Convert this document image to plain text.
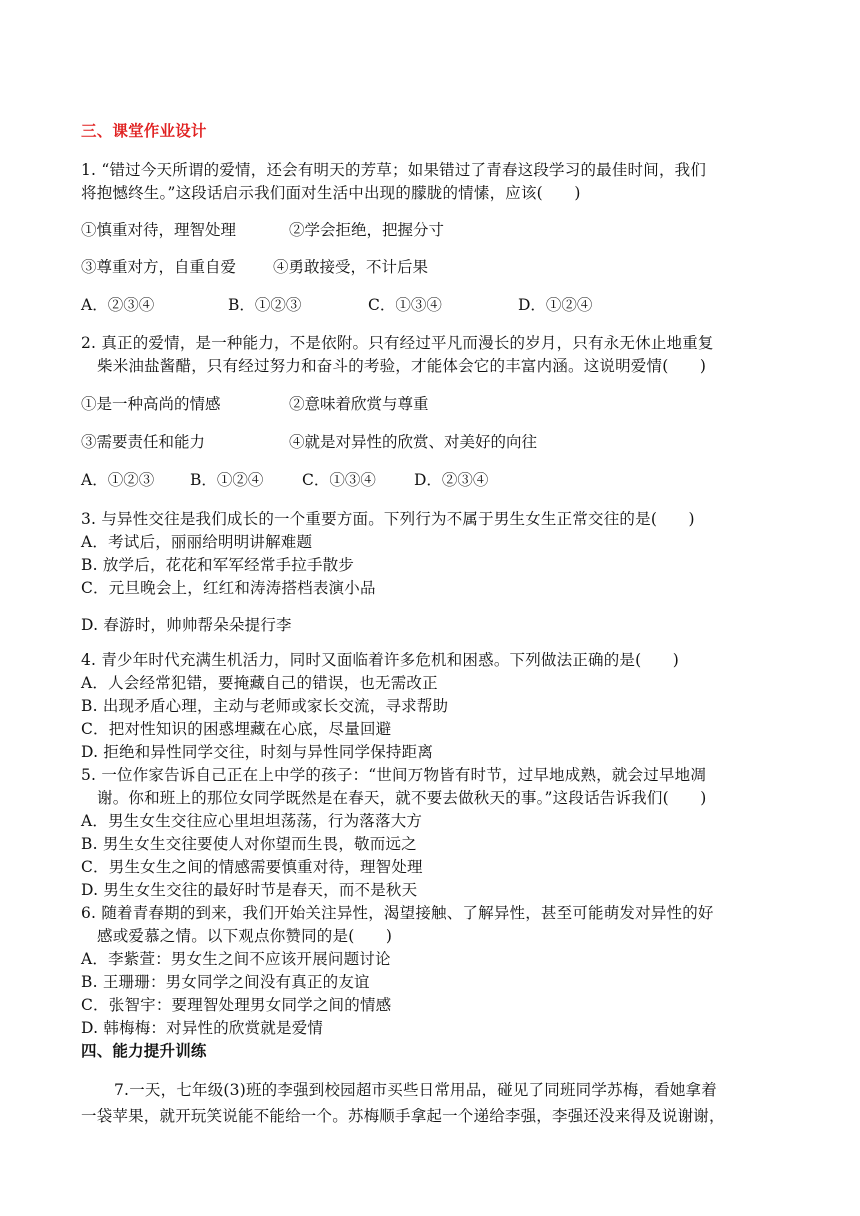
三、课堂作业设计
1. “错过今天所谓的爱情，还会有明天的芳草；如果错过了青春这段学习的最佳时间，我们
将抱憾终生。”这段话启示我们面对生活中出现的朦胧的情愫，应该(　　)
①慎重对待，理智处理	②学会拒绝，把握分寸
③尊重对方，自重自爱 ④勇敢接受，不计后果
A．②③④	B．①②③	C．①③④	D．①②④
2. 真正的爱情，是一种能力，不是依附。只有经过平凡而漫长的岁月，只有永无休止地重复
柴米油盐酱醋，只有经过努力和奋斗的考验，才能体会它的丰富内涵。这说明爱情(　　)
①是一种高尚的情感	②意味着欣赏与尊重
③需要责任和能力	④就是对异性的欣赏、对美好的向往
A．①②③ B．①②④ C．①③④ D．②③④
3. 与异性交往是我们成长的一个重要方面。下列行为不属于男生女生正常交往的是(　　)
A．考试后，丽丽给明明讲解难题
B. 放学后，花花和军军经常手拉手散步
C．元旦晚会上，红红和涛涛搭档表演小品
D. 春游时，帅帅帮朵朵提行李
4. 青少年时代充满生机活力，同时又面临着许多危机和困惑。下列做法正确的是(　　)
A．人会经常犯错，要掩藏自己的错误，也无需改正
B. 出现矛盾心理，主动与老师或家长交流，寻求帮助
C．把对性知识的困惑埋藏在心底，尽量回避
D. 拒绝和异性同学交往，时刻与异性同学保持距离
5. 一位作家告诉自己正在上中学的孩子：“世间万物皆有时节，过早地成熟，就会过早地凋
谢。你和班上的那位女同学既然是在春天，就不要去做秋天的事。”这段话告诉我们(　　)
A．男生女生交往应心里坦坦荡荡，行为落落大方
B. 男生女生交往要使人对你望而生畏，敬而远之
C．男生女生之间的情感需要慎重对待，理智处理
D. 男生女生交往的最好时节是春天，而不是秋天
6. 随着青春期的到来，我们开始关注异性，渴望接触、了解异性，甚至可能萌发对异性的好
感或爱慕之情。以下观点你赞同的是(　　)
A．李紫萱：男女生之间不应该开展问题讨论
B. 王珊珊：男女同学之间没有真正的友谊
C．张智宇：要理智处理男女同学之间的情感
D. 韩梅梅：对异性的欣赏就是爱情
四、能力提升训练
7.一天，七年级(3)班的李强到校园超市买些日常用品，碰见了同班同学苏梅，看她拿着
一袋苹果，就开玩笑说能不能给一个。苏梅顺手拿起一个递给李强，李强还没来得及说谢谢，
